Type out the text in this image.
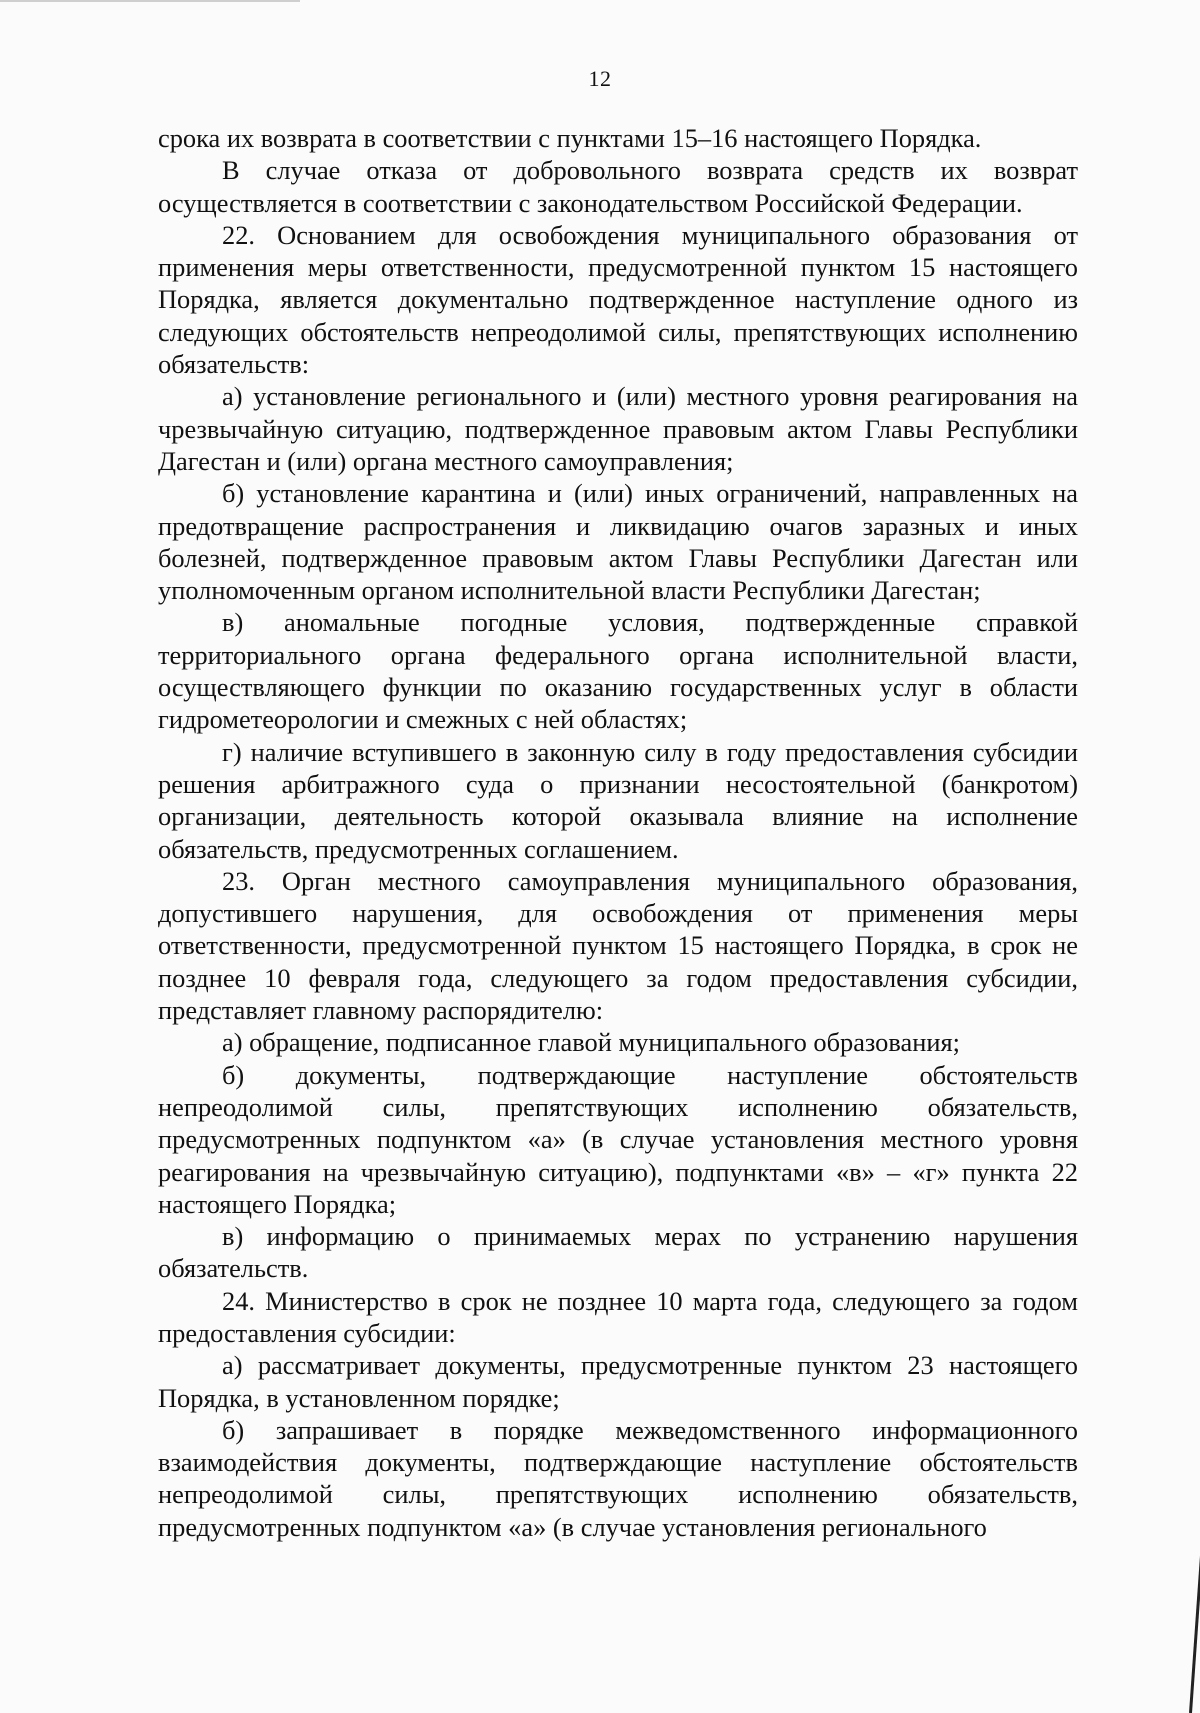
12

срока их возврата в соответствии с пунктами 15–16 настоящего Порядка.

В случае отказа от добровольного возврата средств их возврат осуществляется в соответствии с законодательством Российской Федерации.

22. Основанием для освобождения муниципального образования от применения меры ответственности, предусмотренной пунктом 15 настоящего Порядка, является документально подтвержденное наступление одного из следующих обстоятельств непреодолимой силы, препятствующих исполнению обязательств:

а) установление регионального и (или) местного уровня реагирования на чрезвычайную ситуацию, подтвержденное правовым актом Главы Республики Дагестан и (или) органа местного самоуправления;

б) установление карантина и (или) иных ограничений, направленных на предотвращение распространения и ликвидацию очагов заразных и иных болезней, подтвержденное правовым актом Главы Республики Дагестан или уполномоченным органом исполнительной власти Республики Дагестан;

в) аномальные погодные условия, подтвержденные справкой территориального органа федерального органа исполнительной власти, осуществляющего функции по оказанию государственных услуг в области гидрометеорологии и смежных с ней областях;

г) наличие вступившего в законную силу в году предоставления субсидии решения арбитражного суда о признании несостоятельной (банкротом) организации, деятельность которой оказывала влияние на исполнение обязательств, предусмотренных соглашением.

23. Орган местного самоуправления муниципального образования, допустившего нарушения, для освобождения от применения меры ответственности, предусмотренной пунктом 15 настоящего Порядка, в срок не позднее 10 февраля года, следующего за годом предоставления субсидии, представляет главному распорядителю:

а) обращение, подписанное главой муниципального образования;

б) документы, подтверждающие наступление обстоятельств непреодолимой силы, препятствующих исполнению обязательств, предусмотренных подпунктом «а» (в случае установления местного уровня реагирования на чрезвычайную ситуацию), подпунктами «в» – «г» пункта 22 настоящего Порядка;

в) информацию о принимаемых мерах по устранению нарушения обязательств.

24. Министерство в срок не позднее 10 марта года, следующего за годом предоставления субсидии:

а) рассматривает документы, предусмотренные пунктом 23 настоящего Порядка, в установленном порядке;

б) запрашивает в порядке межведомственного информационного взаимодействия документы, подтверждающие наступление обстоятельств непреодолимой силы, препятствующих исполнению обязательств, предусмотренных подпунктом «а» (в случае установления регионального
